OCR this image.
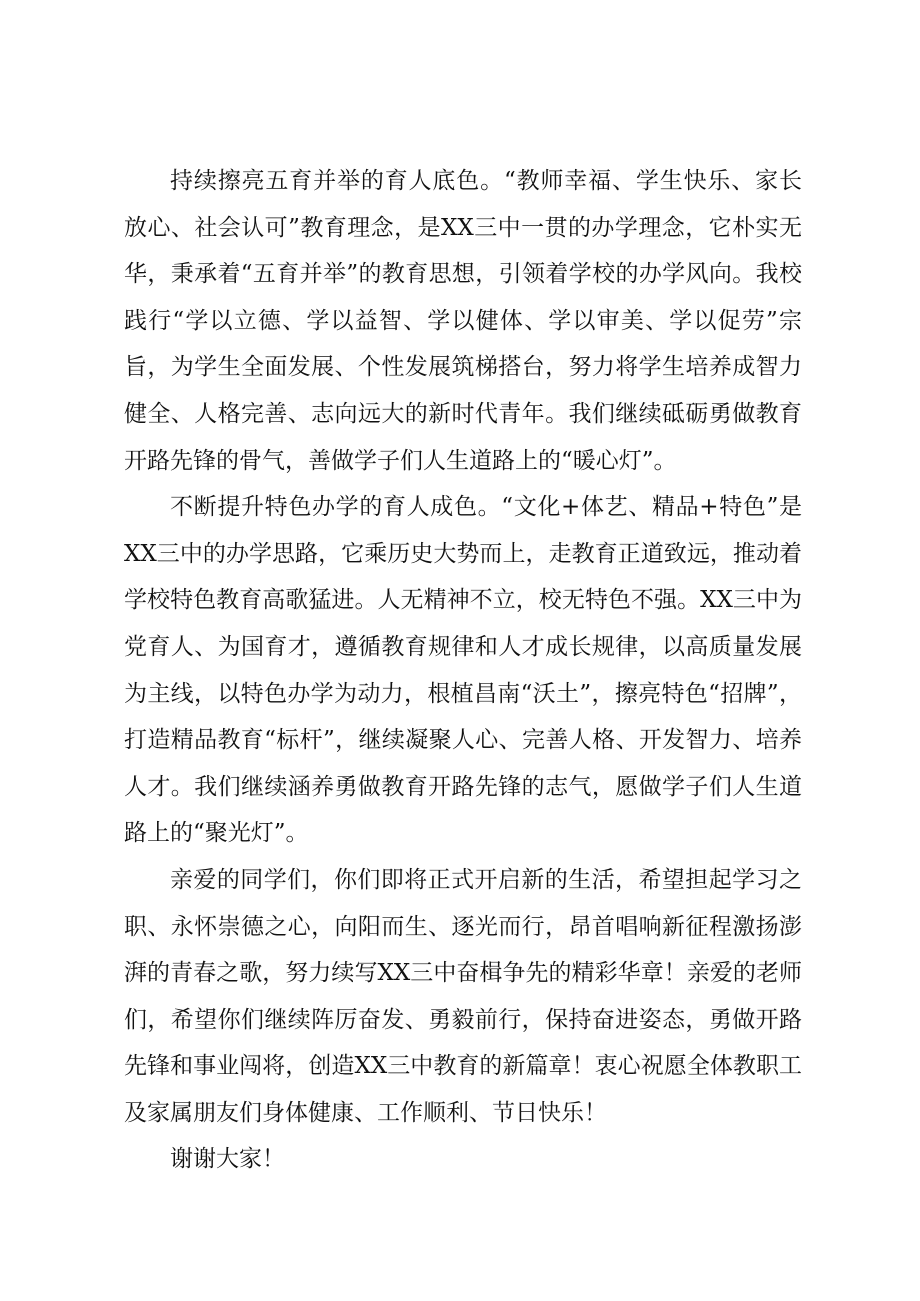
持续擦亮五育并举的育人底色。“教师幸福、学生快乐、家长放心、社会认可”教育理念，是XX三中一贯的办学理念，它朴实无华，秉承着“五育并举”的教育思想，引领着学校的办学风向。我校践行“学以立德、学以益智、学以健体、学以审美、学以促劳”宗旨，为学生全面发展、个性发展筑梯搭台，努力将学生培养成智力健全、人格完善、志向远大的新时代青年。我们继续砥砺勇做教育开路先锋的骨气，善做学子们人生道路上的“暖心灯”。

不断提升特色办学的育人成色。“文化+体艺、精品+特色”是XX三中的办学思路，它乘历史大势而上，走教育正道致远，推动着学校特色教育高歌猛进。人无精神不立，校无特色不强。XX三中为党育人、为国育才，遵循教育规律和人才成长规律，以高质量发展为主线，以特色办学为动力，根植昌南“沃土”，擦亮特色“招牌”，打造精品教育“标杆”，继续凝聚人心、完善人格、开发智力、培养人才。我们继续涵养勇做教育开路先锋的志气，愿做学子们人生道路上的“聚光灯”。

亲爱的同学们，你们即将正式开启新的生活，希望担起学习之职、永怀崇德之心，向阳而生、逐光而行，昂首唱响新征程激扬澎湃的青春之歌，努力续写XX三中奋楫争先的精彩华章！亲爱的老师们，希望你们继续阵厉奋发、勇毅前行，保持奋进姿态，勇做开路先锋和事业闯将，创造XX三中教育的新篇章！衷心祝愿全体教职工及家属朋友们身体健康、工作顺利、节日快乐！

谢谢大家！
